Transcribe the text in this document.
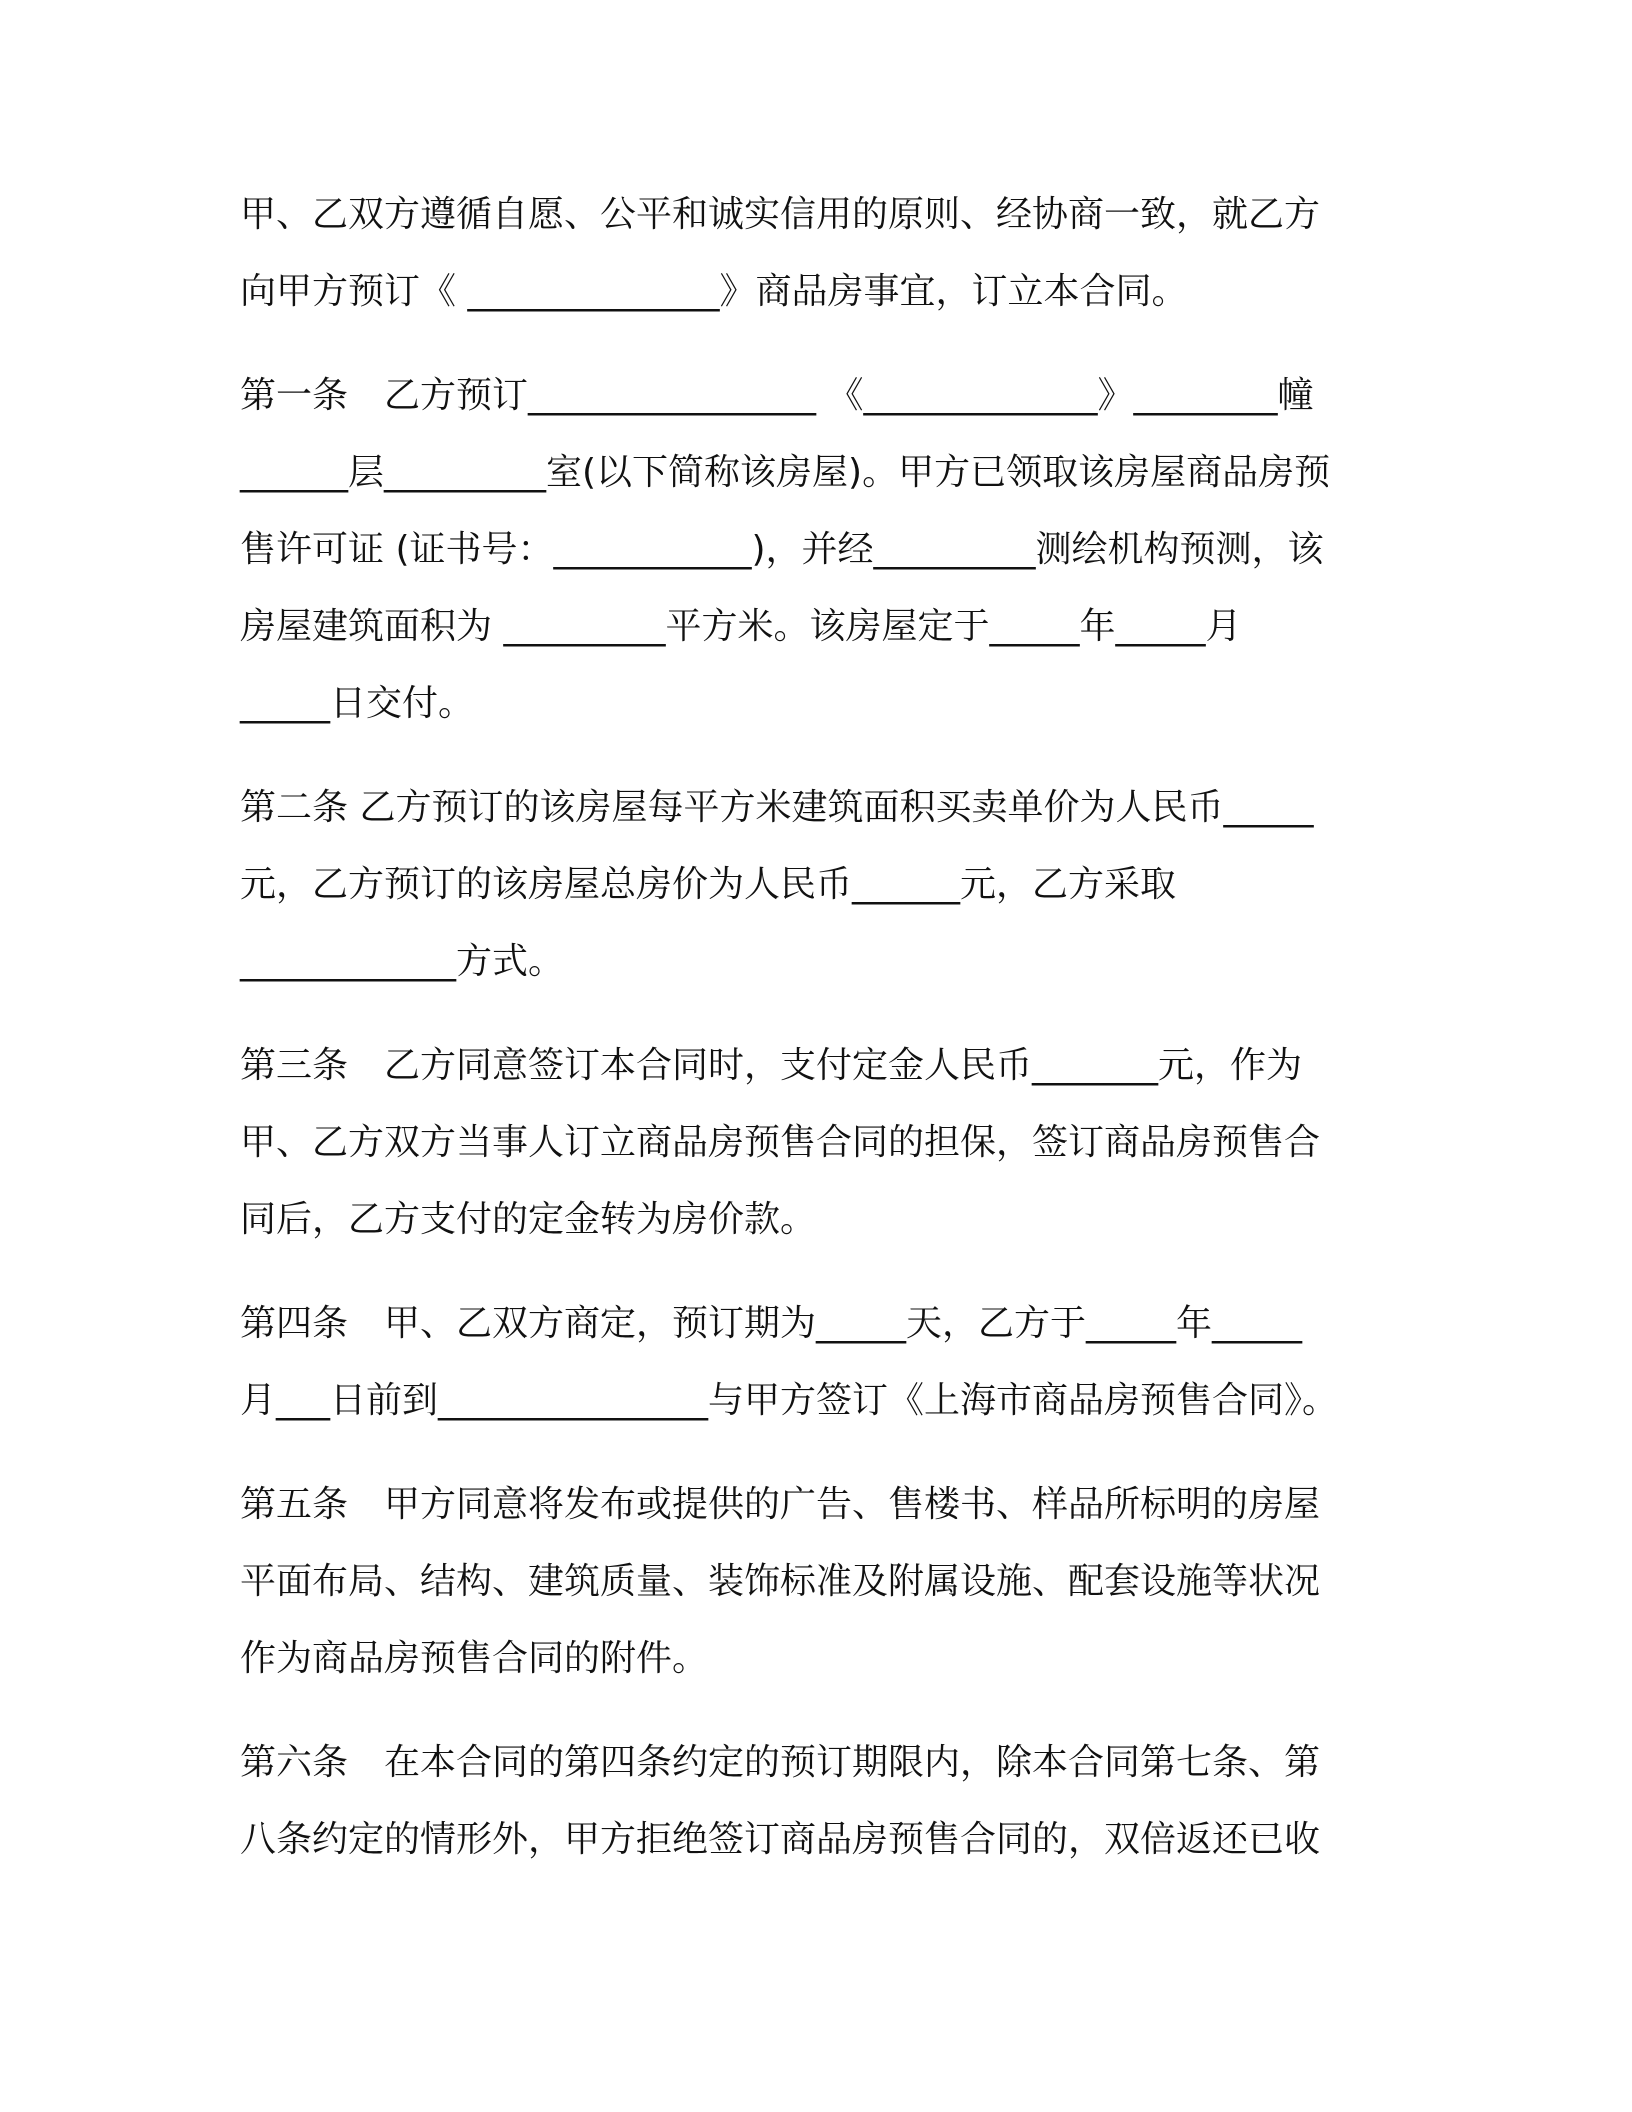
甲、乙双方遵循自愿、公平和诚实信用的原则、经协商一致，就乙方

向甲方预订《 ______________》商品房事宜，订立本合同。

第一条　乙方预订________________ 《_____________》________幢

______层_________室(以下简称该房屋)。甲方已领取该房屋商品房预

售许可证 (证书号：___________)，并经_________测绘机构预测，该

房屋建筑面积为 _________平方米。该房屋定于_____年_____月

_____日交付。

第二条 乙方预订的该房屋每平方米建筑面积买卖单价为人民币_____

元，乙方预订的该房屋总房价为人民币______元，乙方采取

____________方式。

第三条　乙方同意签订本合同时，支付定金人民币_______元，作为

甲、乙方双方当事人订立商品房预售合同的担保，签订商品房预售合

同后，乙方支付的定金转为房价款。

第四条　甲、乙双方商定，预订期为_____天，乙方于_____年_____

月___日前到_______________与甲方签订《上海市商品房预售合同》。

第五条　甲方同意将发布或提供的广告、售楼书、样品所标明的房屋

平面布局、结构、建筑质量、装饰标准及附属设施、配套设施等状况

作为商品房预售合同的附件。

第六条　在本合同的第四条约定的预订期限内，除本合同第七条、第

八条约定的情形外，甲方拒绝签订商品房预售合同的，双倍返还已收
